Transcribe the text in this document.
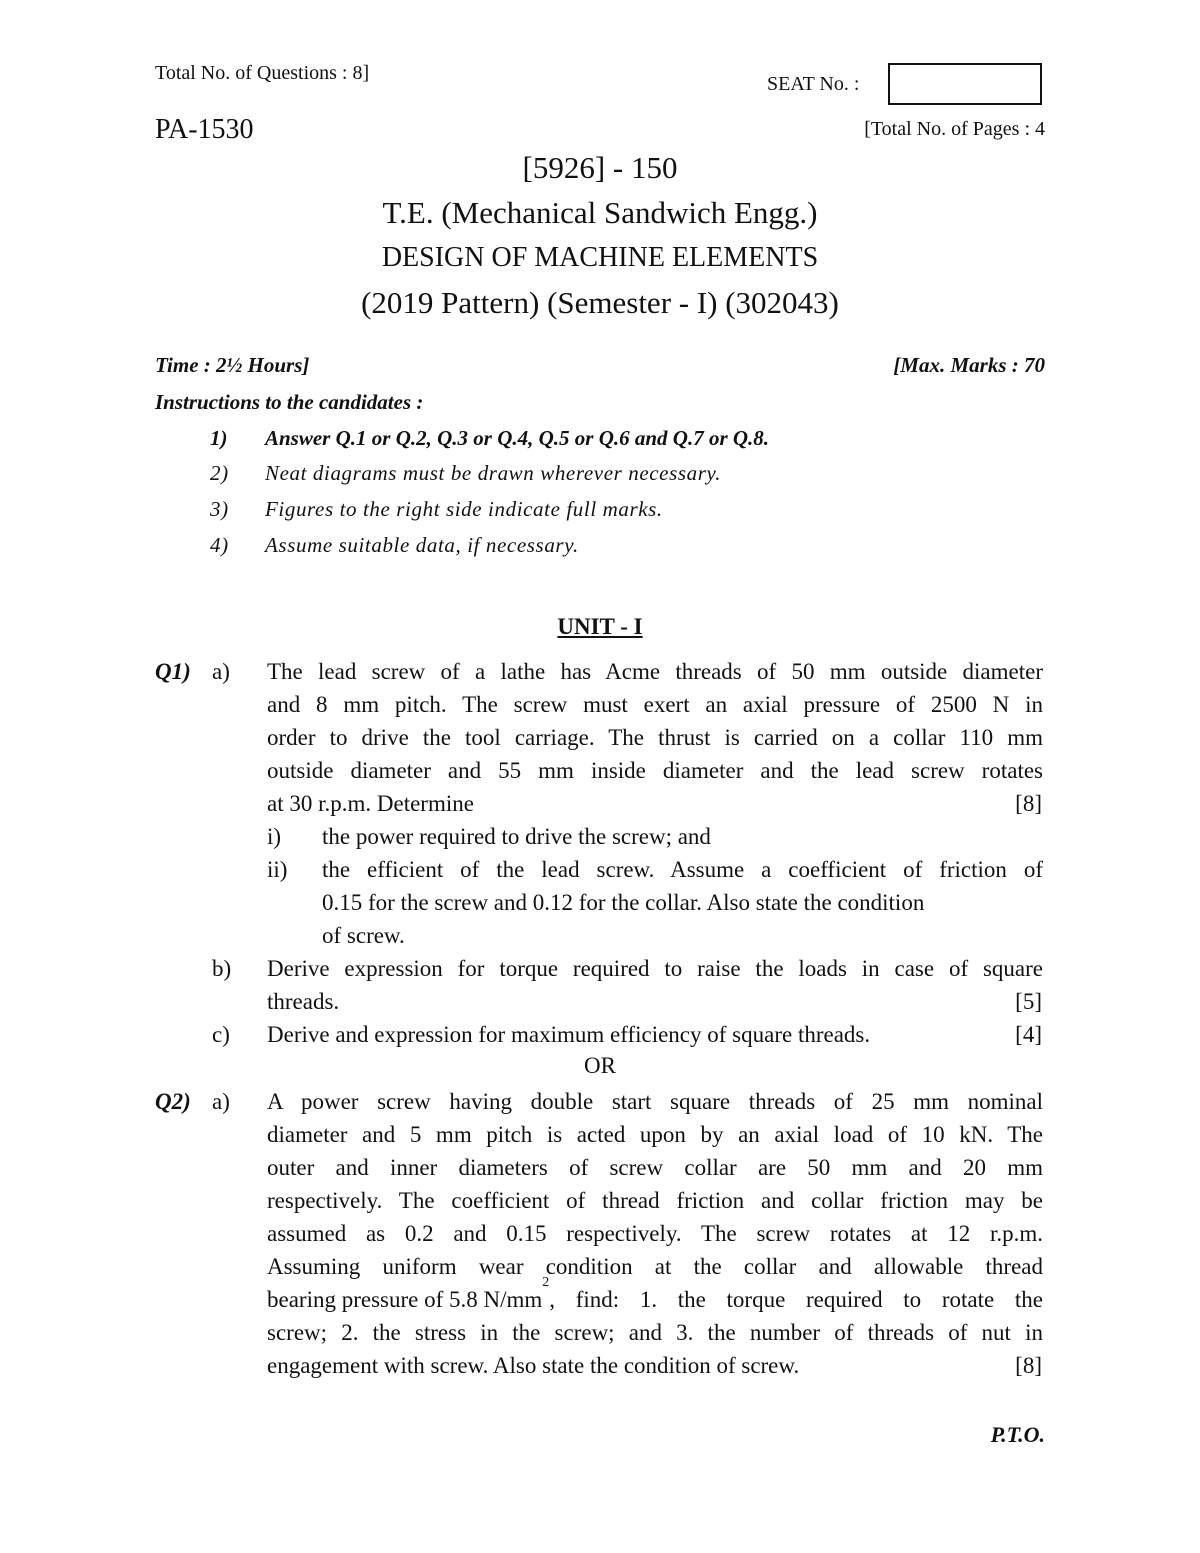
Total No. of Questions : 8]	SEAT No. :
PA-1530	[Total No. of Pages : 4
[5926] - 150
T.E. (Mechanical Sandwich Engg.)
DESIGN OF MACHINE ELEMENTS
(2019 Pattern) (Semester - I) (302043)
Time : 2½ Hours]	[Max. Marks : 70
Instructions to the candidates :
1) Answer Q.1 or Q.2, Q.3 or Q.4, Q.5 or Q.6 and Q.7 or Q.8.
2) Neat diagrams must be drawn wherever necessary.
3) Figures to the right side indicate full marks.
4) Assume suitable data, if necessary.
UNIT - I
Q1) a) The lead screw of a lathe has Acme threads of 50 mm outside diameter
and 8 mm pitch. The screw must exert an axial pressure of 2500 N in
order to drive the tool carriage. The thrust is carried on a collar 110 mm
outside diameter and 55 mm inside diameter and the lead screw rotates
at 30 r.p.m. Determine	[8]
i) the power required to drive the screw; and
ii) the efficient of the lead screw. Assume a coefficient of friction of
0.15 for the screw and 0.12 for the collar. Also state the condition
of screw.
b) Derive expression for torque required to raise the loads in case of square
threads.	[5]
c) Derive and expression for maximum efficiency of square threads.	[4]
OR
Q2) a) A power screw having double start square threads of 25 mm nominal
diameter and 5 mm pitch is acted upon by an axial load of 10 kN. The
outer and inner diameters of screw collar are 50 mm and 20 mm
respectively. The coefficient of thread friction and collar friction may be
assumed as 0.2 and 0.15 respectively. The screw rotates at 12 r.p.m.
Assuming uniform wear condition at the collar and allowable thread
bearing pressure of 5.8 N/mm
2
, find: 1. the torque required to rotate the
screw; 2. the stress in the screw; and 3. the number of threads of nut in
engagement with screw. Also state the condition of screw.	[8]
P.T.O.
